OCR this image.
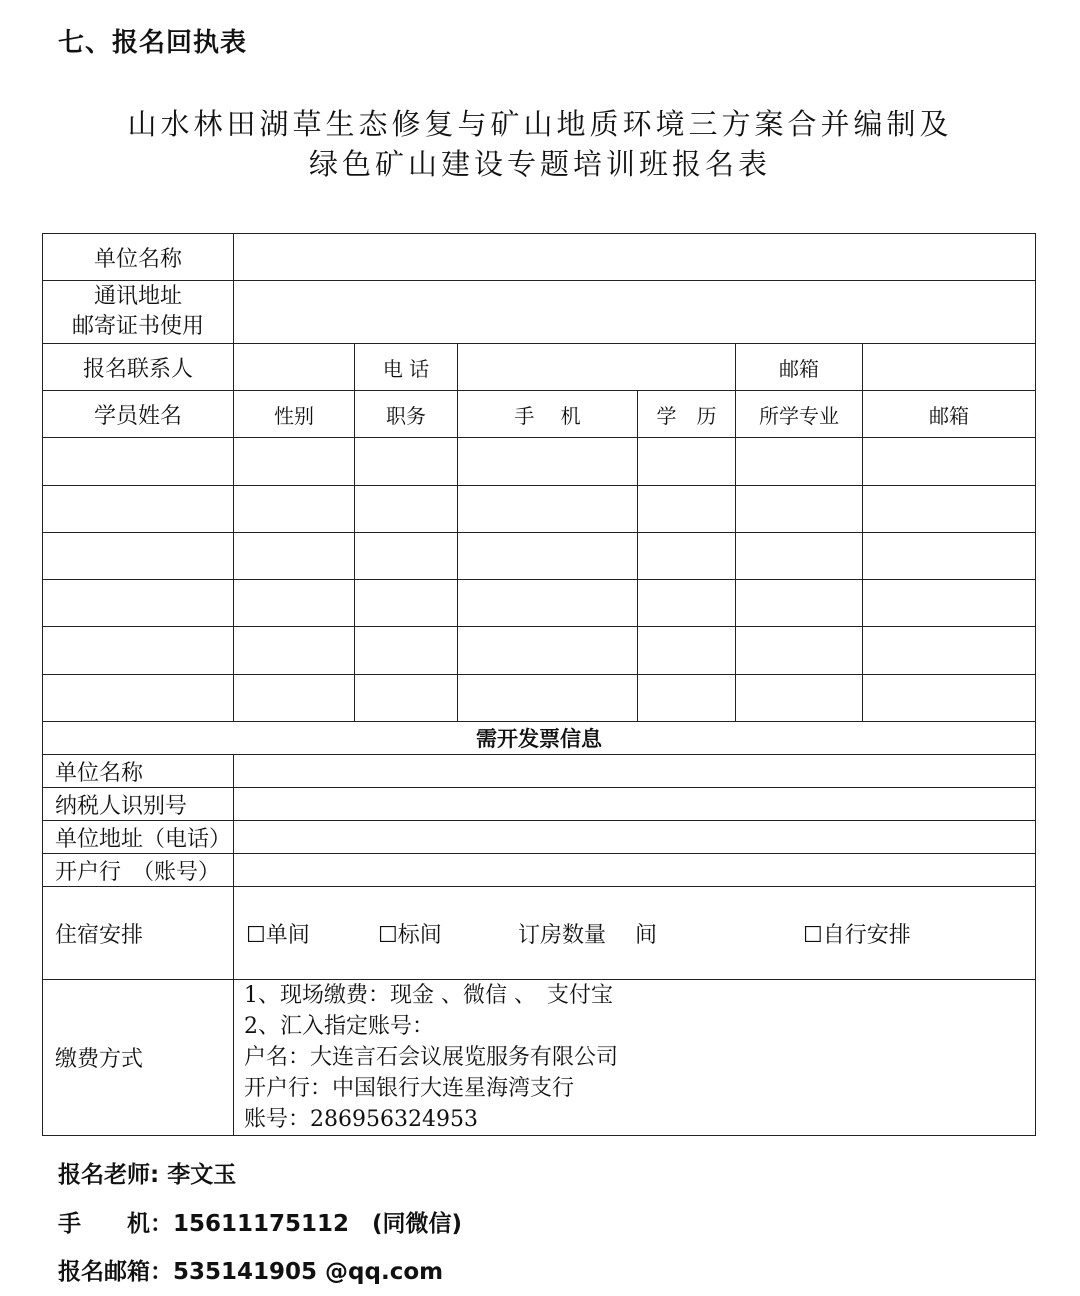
七、报名回执表
山水林田湖草生态修复与矿山地质环境三方案合并编制及
绿色矿山建设专题培训班报名表
单位名称						

通讯地址
邮寄证书使用						

报名联系人		电 话			邮箱	
学员姓名	性别	职务	手　 机	学　历	所学专业	邮箱

需开发票信息						
单位名称						
纳税人识别号						
单位地址（电话）						
开户行　（账号）						
住宿安排	☐单间 ☐标间 订房数量　 间 ☐自行安排					

缴费方式	1、现场缴费：现金 、微信 、　支付宝
2、汇入指定账号：
户名：大连言石会议展览服务有限公司
开户行：中国银行大连星海湾支行
账号：286956324953					
报名老师: 李文玉
手　　机：15611175112　(同微信)
报名邮箱：535141905 @qq.com
